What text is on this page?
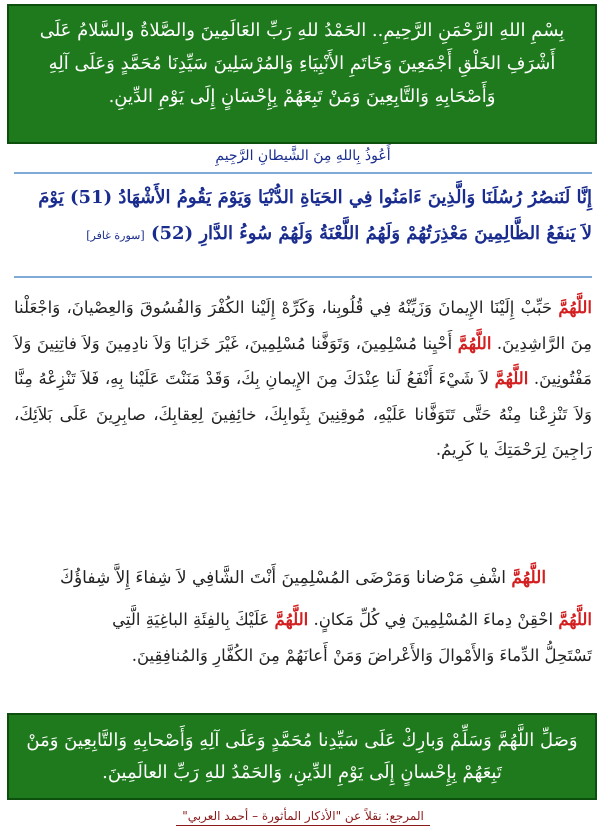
بِسْمِ اللهِ الرَّحْمَنِ الرَّحِيمِ.. الحَمْدُ للهِ رَبِّ العَالَمِينَ والصَّلاةُ والسَّلامُ عَلَى
أَشْرَفِ الخَلْقِ أَجْمَعِينَ وَخَاتَمِ الأَنْبِيَاءِ وَالمُرْسَلِينَ سَيِّدِنَا مُحَمَّدٍ وَعَلَى آلِهِ
وَأَصْحَابِهِ وَالتَّابِعِينَ وَمَنْ تَبِعَهُمْ بِإِحْسَانٍ إِلَى يَوْمِ الدِّينِ.
أَعُوذُ بِاللهِ مِنَ الشَّيطانِ الرَّجِيمِ
إِنَّا لَنَنصُرُ رُسُلَنَا وَالَّذِينَ ءَامَنُوا فِي الحَيَاةِ الدُّنْيَا وَيَوْمَ يَقُومُ الأَشْهَادُ (51) يَوْمَ
لاَ يَنفَعُ الظَّالِمِينَ مَعْذِرَتُهُمْ وَلَهُمُ اللَّعْنَةُ وَلَهُمْ سُوءُ الدَّارِ (52) [سورة غافر]
اللَّهُمَّ حَبِّبْ إِلَيْنَا الإِيمانَ وَزَيِّنْهُ فِي قُلُوبِنا، وَكَرِّهْ إِلَيْنا الكُفْرَ وَالفُسُوقَ وَالعِصْيانَ، وَاجْعَلْنا مِنَ الرَّاشِدِينَ. اللَّهُمَّ أَحْيِنا مُسْلِمِينَ، وَتَوَفَّنا مُسْلِمِينَ، غَيْرَ خَزايَا وَلاَ نادِمِينَ وَلاَ فاتِنِينَ وَلاَ مَفْتُونِينَ. اللَّهُمَّ لاَ شَيْءَ أَنْفَعُ لَنا عِنْدَكَ مِنَ الإِيمانِ بِكَ، وَقَدْ مَنَنْتَ عَلَيْنا بِهِ، فَلاَ تَنْزِعْهُ مِنَّا وَلاَ تَنْزِعْنا مِنْهُ حَتَّى تَتَوَفَّانا عَلَيْهِ، مُوقِنِينَ بِثَوابِكَ، خائِفِينَ لِعِقابِكَ، صابِرِينَ عَلَى بَلاَئِكَ، رَاجِينَ لِرَحْمَتِكَ يا كَرِيمُ.
اللَّهُمَّ اشْفِ مَرْضانا وَمَرْضَى المُسْلِمِينَ أَنْتَ الشَّافِي لاَ شِفاءَ إِلاَّ شِفاؤُكَ
اللَّهُمَّ احْقِنْ دِماءَ المُسْلِمِينَ فِي كُلِّ مَكانٍ. اللَّهُمَّ عَلَيْكَ بِالفِئَةِ الباغِيَةِ الَّتِي
تَسْتَحِلُّ الدِّماءَ وَالأَمْوالَ وَالأَعْراضَ وَمَنْ أَعانَهُمْ مِنَ الكُفَّارِ وَالمُنافِقِينَ.
وَصَلِّ اللَّهُمَّ وَسَلِّمْ وَبارِكْ عَلَى سَيِّدِنا مُحَمَّدٍ وَعَلَى آلِهِ وَأَصْحابِهِ وَالتَّابِعِينَ وَمَنْ
تَبِعَهُمْ بِإِحْسانٍ إِلَى يَوْمِ الدِّينِ، وَالحَمْدُ للهِ رَبِّ العالَمِينَ.
المرجع: نقلاً عن "الأذكار المأثورة – أحمد العربي"
